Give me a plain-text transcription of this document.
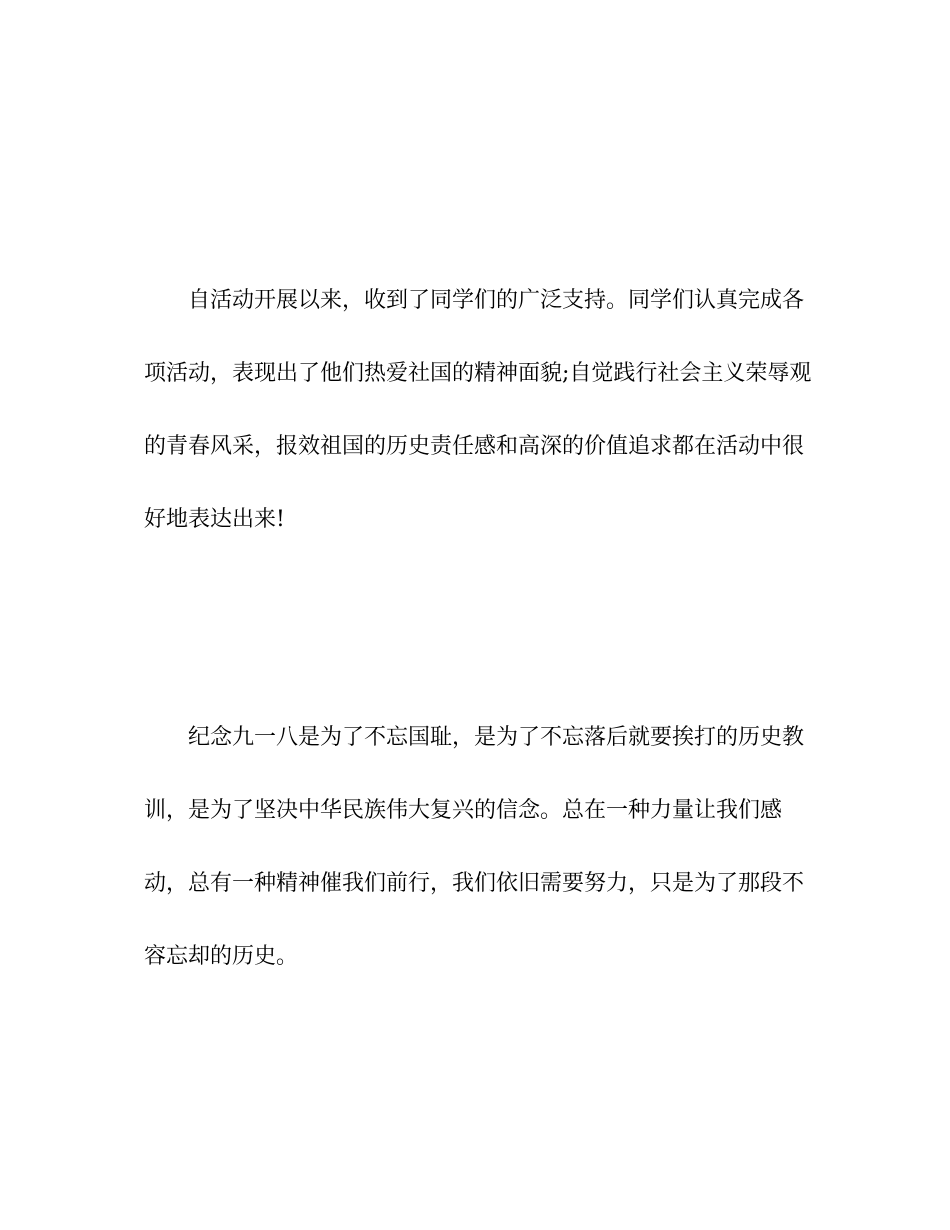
自活动开展以来，收到了同学们的广泛支持。同学们认真完成各
项活动，表现出了他们热爱社国的精神面貌;自觉践行社会主义荣辱观
的青春风采，报效祖国的历史责任感和高深的价值追求都在活动中很
好地表达出来!
纪念九一八是为了不忘国耻，是为了不忘落后就要挨打的历史教
训，是为了坚决中华民族伟大复兴的信念。总在一种力量让我们感
动，总有一种精神催我们前行，我们依旧需要努力，只是为了那段不
容忘却的历史。
